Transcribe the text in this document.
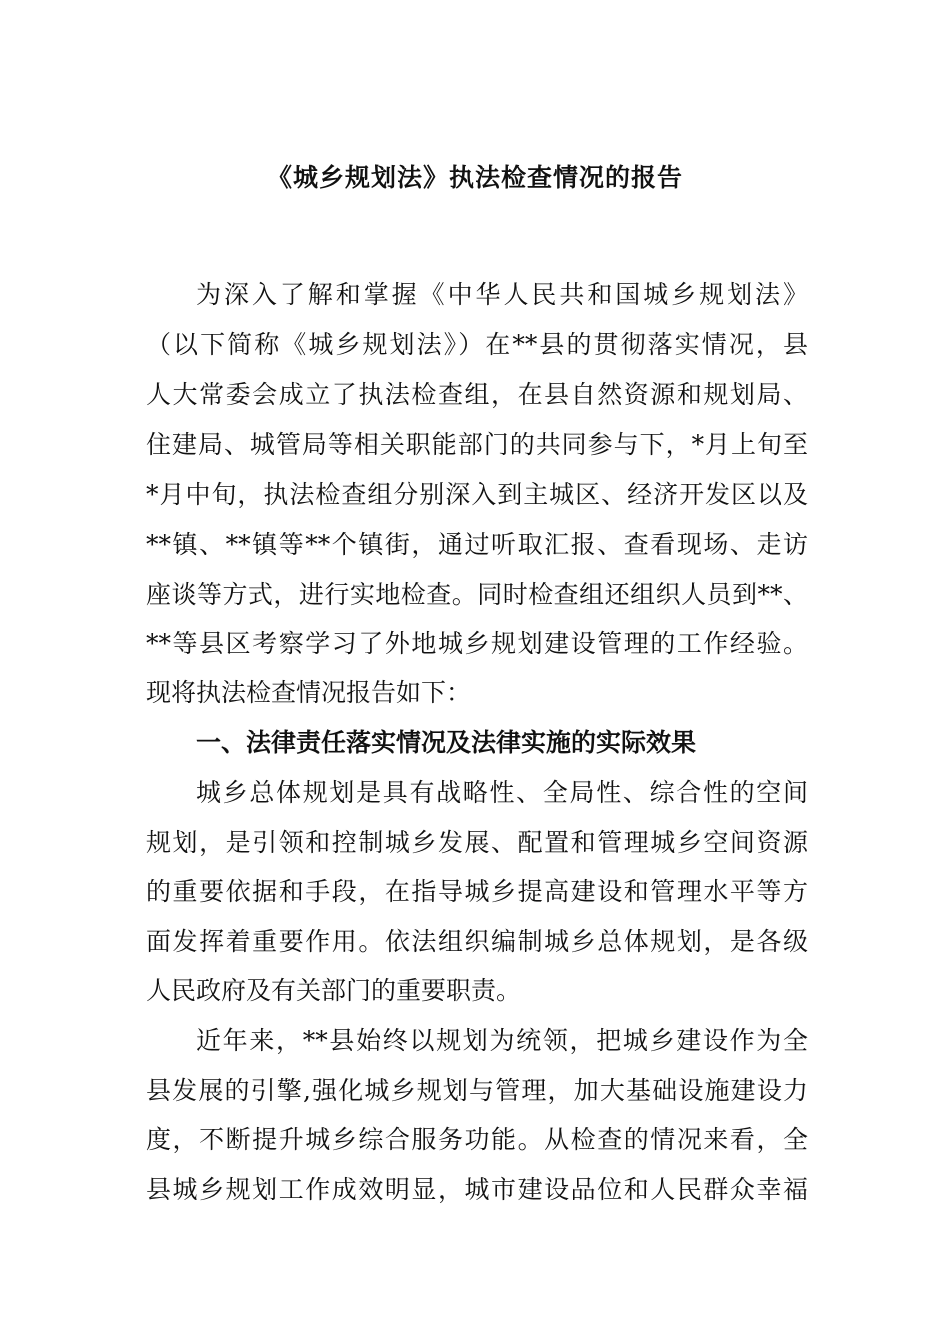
《城乡规划法》执法检查情况的报告
为深入了解和掌握《中华人民共和国城乡规划法》
（以下简称《城乡规划法》）在**县的贯彻落实情况，县
人大常委会成立了执法检查组，在县自然资源和规划局、
住建局、城管局等相关职能部门的共同参与下，*月上旬至
*月中旬，执法检查组分别深入到主城区、经济开发区以及
**镇、**镇等**个镇街，通过听取汇报、查看现场、走访
座谈等方式，进行实地检查。同时检查组还组织人员到**、
**等县区考察学习了外地城乡规划建设管理的工作经验。
现将执法检查情况报告如下：
一、法律责任落实情况及法律实施的实际效果
城乡总体规划是具有战略性、全局性、综合性的空间
规划，是引领和控制城乡发展、配置和管理城乡空间资源
的重要依据和手段，在指导城乡提高建设和管理水平等方
面发挥着重要作用。依法组织编制城乡总体规划，是各级
人民政府及有关部门的重要职责。
近年来，**县始终以规划为统领，把城乡建设作为全
县发展的引擎,强化城乡规划与管理，加大基础设施建设力
度，不断提升城乡综合服务功能。从检查的情况来看，全
县城乡规划工作成效明显，城市建设品位和人民群众幸福
